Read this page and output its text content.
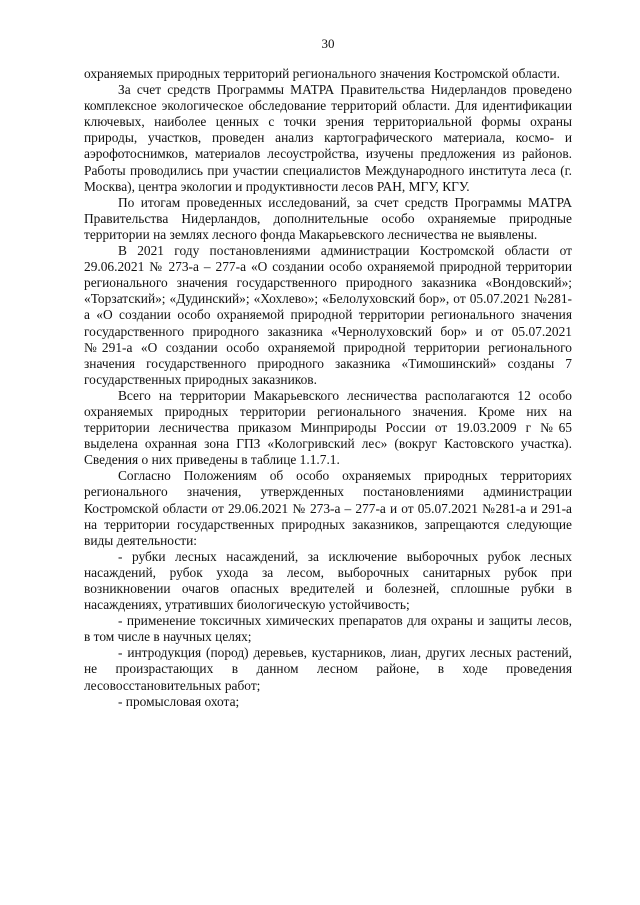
30

охраняемых природных территорий регионального значения Костромской области.

За счет средств Программы МАТРА Правительства Нидерландов проведено комплексное экологическое обследование территорий области. Для идентификации ключевых, наиболее ценных с точки зрения территориальной формы охраны природы, участков, проведен анализ картографического материала, космо- и аэрофотоснимков, материалов лесоустройства, изучены предложения из районов. Работы проводились при участии специалистов Международного института леса (г. Москва), центра экологии и продуктивности лесов РАН, МГУ, КГУ.

По итогам проведенных исследований, за счет средств Программы МАТРА Правительства Нидерландов, дополнительные особо охраняемые природные территории на землях лесного фонда Макарьевского лесничества не выявлены.

В 2021 году постановлениями администрации Костромской области от 29.06.2021 № 273-а – 277-а «О создании особо охраняемой природной территории регионального значения государственного природного заказника «Вондовский»; «Торзатский»; «Дудинский»; «Хохлево»; «Белолуховский бор», от 05.07.2021 №281-а «О создании особо охраняемой природной территории регионального значения государственного природного заказника «Чернолуховский бор» и от 05.07.2021 №291-а «О создании особо охраняемой природной территории регионального значения государственного природного заказника «Тимошинский» созданы 7 государственных природных заказников.

Всего на территории Макарьевского лесничества располагаются 12 особо охраняемых природных территории регионального значения. Кроме них на территории лесничества приказом Минприроды России от 19.03.2009 г №65 выделена охранная зона ГПЗ «Кологривский лес» (вокруг Кастовского участка). Сведения о них приведены в таблице 1.1.7.1.

Согласно Положениям об особо охраняемых природных территориях регионального значения, утвержденных постановлениями администрации Костромской области от 29.06.2021 № 273-а – 277-а и от 05.07.2021 №281-а и 291-а на территории государственных природных заказников, запрещаются следующие виды деятельности:

- рубки лесных насаждений, за исключение выборочных рубок лесных насаждений, рубок ухода за лесом, выборочных санитарных рубок при возникновении очагов опасных вредителей и болезней, сплошные рубки в насаждениях, утративших биологическую устойчивость;

- применение токсичных химических препаратов для охраны и защиты лесов, в том числе в научных целях;

- интродукция (пород) деревьев, кустарников, лиан, других лесных растений, не произрастающих в данном лесном районе, в ходе проведения лесовосстановительных работ;

- промысловая охота;
